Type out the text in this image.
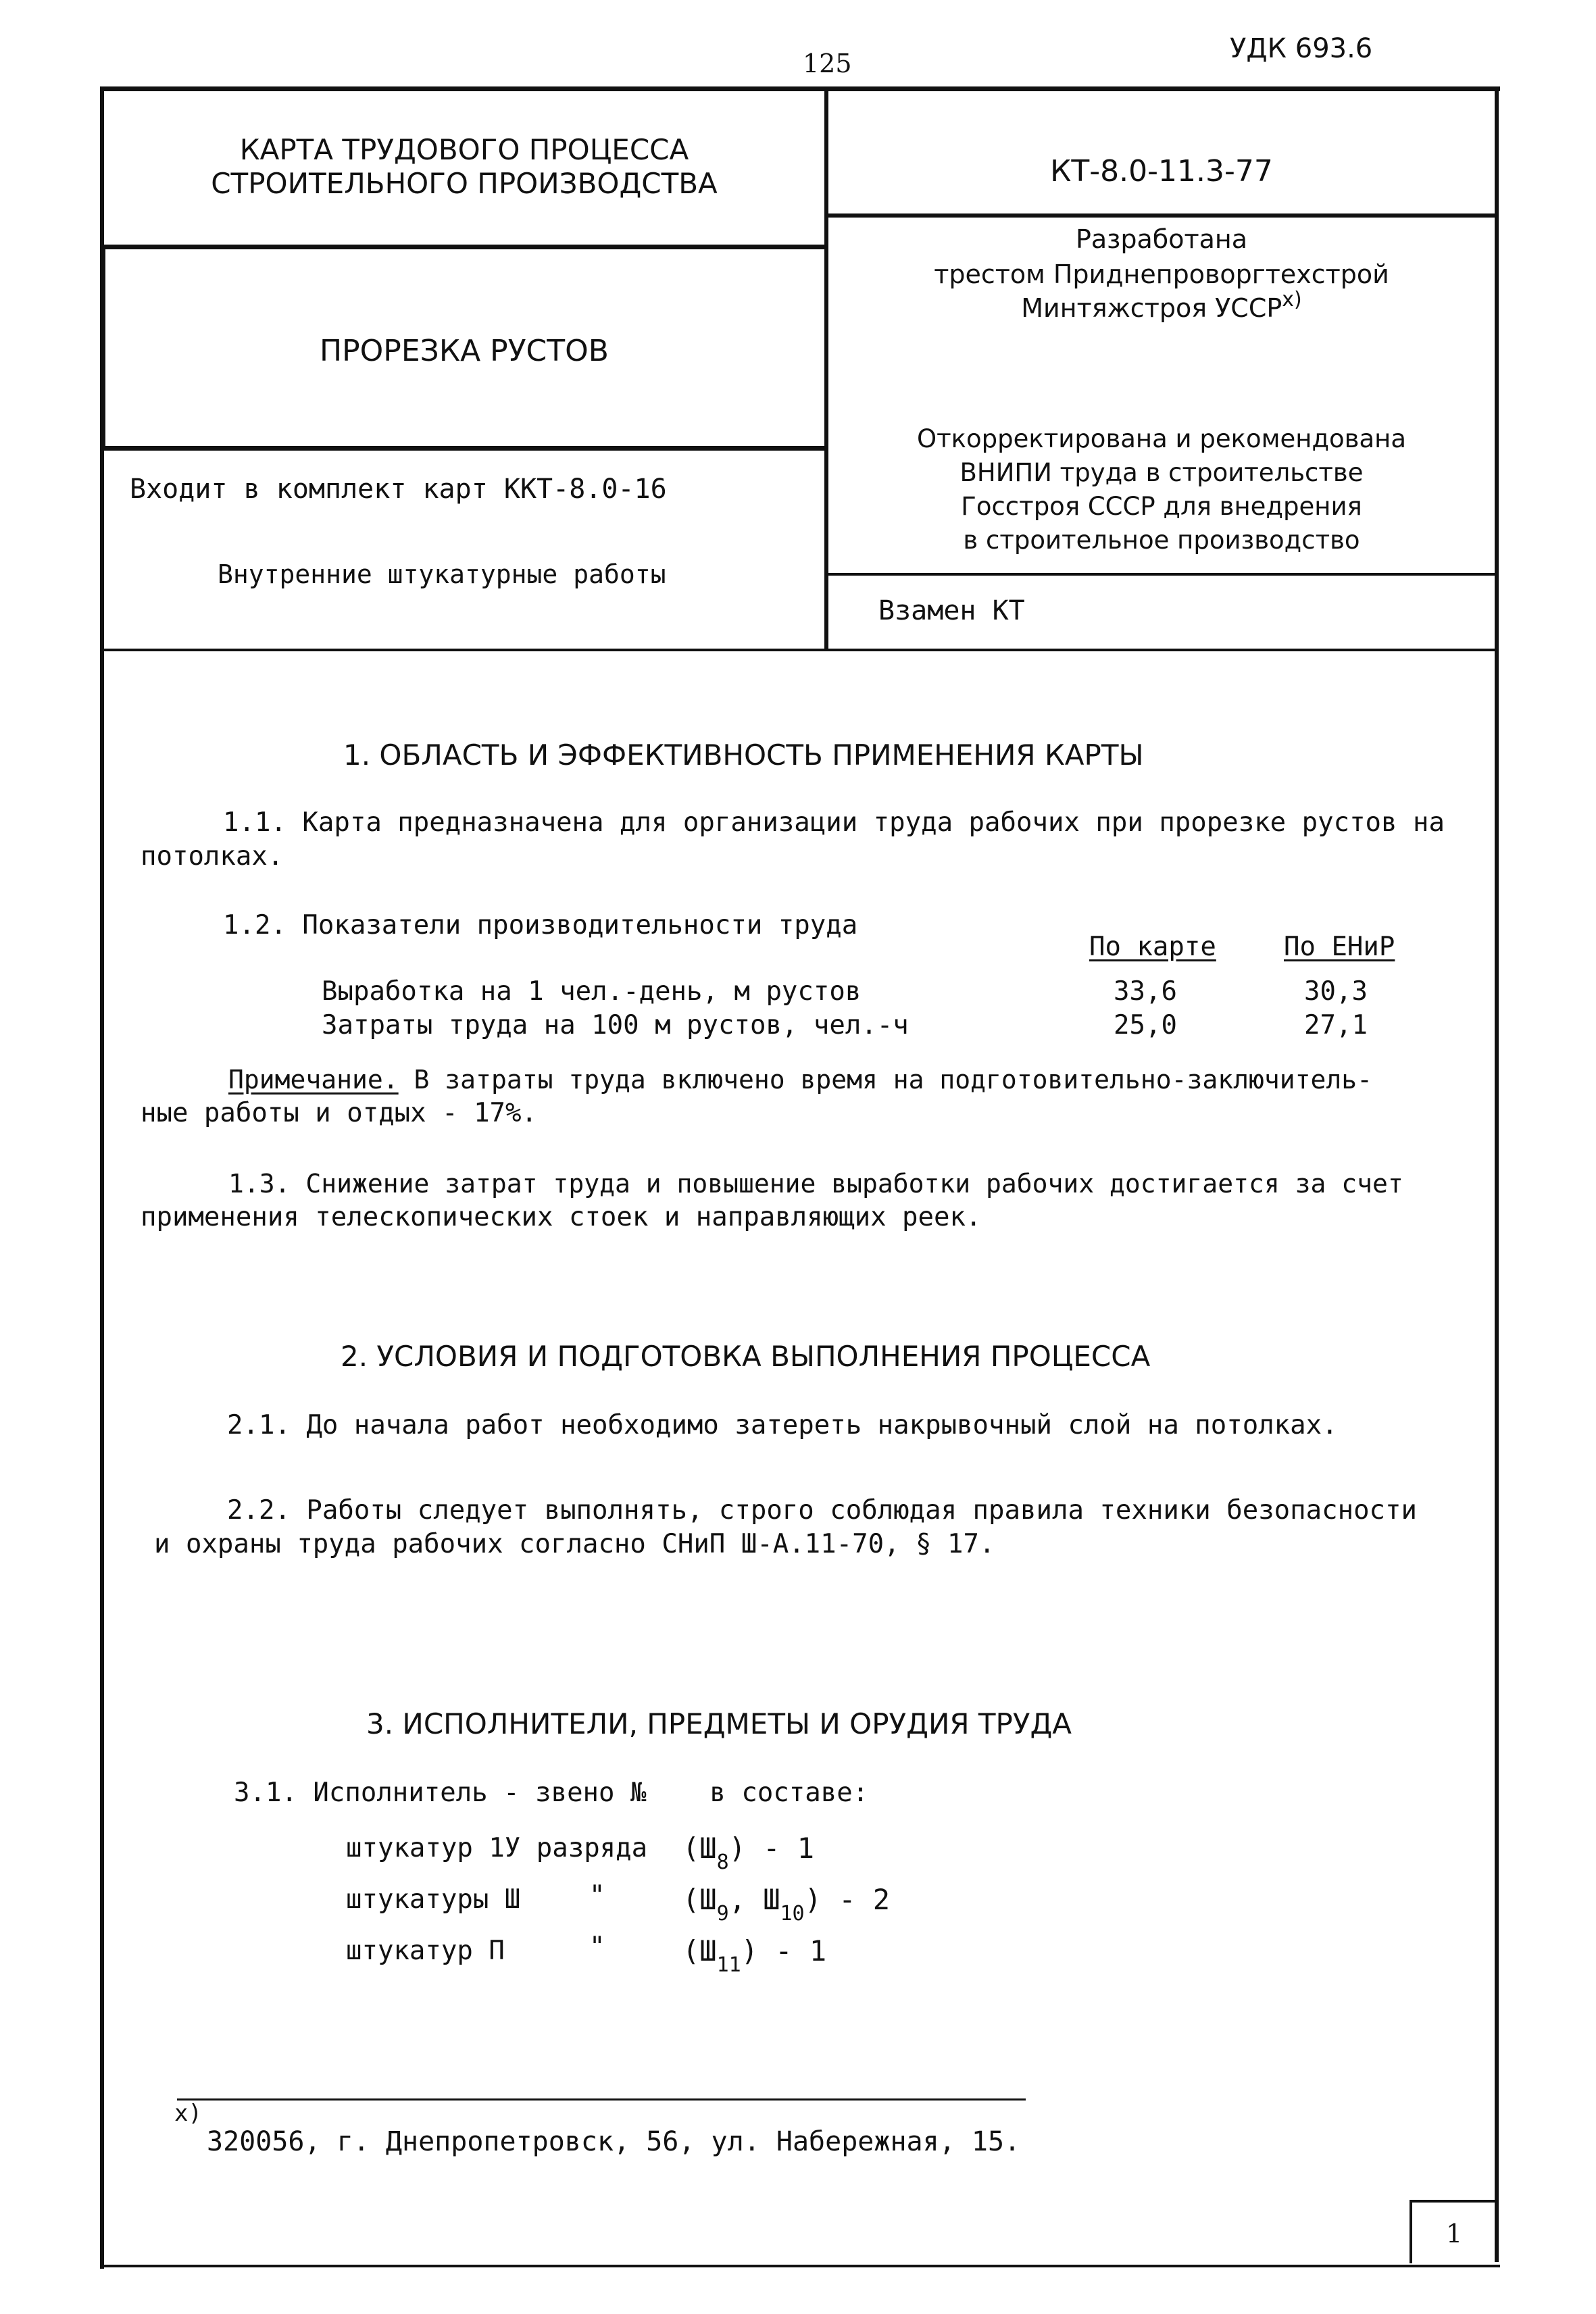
125	УДК 693.6
КАРТА ТРУДОВОГО ПРОЦЕССА
СТРОИТЕЛЬНОГО ПРОИЗВОДСТВА	КТ-8.0-11.3-77
ПРОРЕЗКА РУСТОВ
Разработана
трестом Приднепроворгтехстрой
Минтяжстроя УССР$^{x)}$
Откорректирована и рекомендована
ВНИПИ труда в строительстве
Госстроя СССР для внедрения
в строительное производство
Входит в комплект карт ККТ-8.0-16
Внутренние штукатурные работы
Взамен КТ
1. ОБЛАСТЬ И ЭФФЕКТИВНОСТЬ ПРИМЕНЕНИЯ КАРТЫ
1.1. Карта предназначена для организации труда рабочих при прорезке рустов на
потолках.
1.2. Показатели производительности труда
По карте	По ЕНиР
Выработка на 1 чел.-день, м рустов	33,6	30,3
Затраты труда на 100 м рустов, чел.-ч	25,0	27,1
Примечание. В затраты труда включено время на подготовительно-заключитель-
ные работы и отдых - 17%.
1.3. Снижение затрат труда и повышение выработки рабочих достигается за счет
применения телескопических стоек и направляющих реек.
2. УСЛОВИЯ И ПОДГОТОВКА ВЫПОЛНЕНИЯ ПРОЦЕССА
2.1. До начала работ необходимо затереть накрывочный слой на потолках.
2.2. Работы следует выполнять, строго соблюдая правила техники безопасности
и охраны труда рабочих согласно СНиП Ш-А.11-70, § 17.
3. ИСПОЛНИТЕЛИ, ПРЕДМЕТЫ И ОРУДИЯ ТРУДА
3.1. Исполнитель - звено №    в составе:
штукатур 1У разряда $(Ш_8) - 1$
штукатуры Ш	"	($Ш_9$, $Ш_{10}) - 2$
штукатур П	"	$(Ш_{11}) - 1$
x)
320056, г. Днепропетровск, 56, ул. Набережная, 15.
1
